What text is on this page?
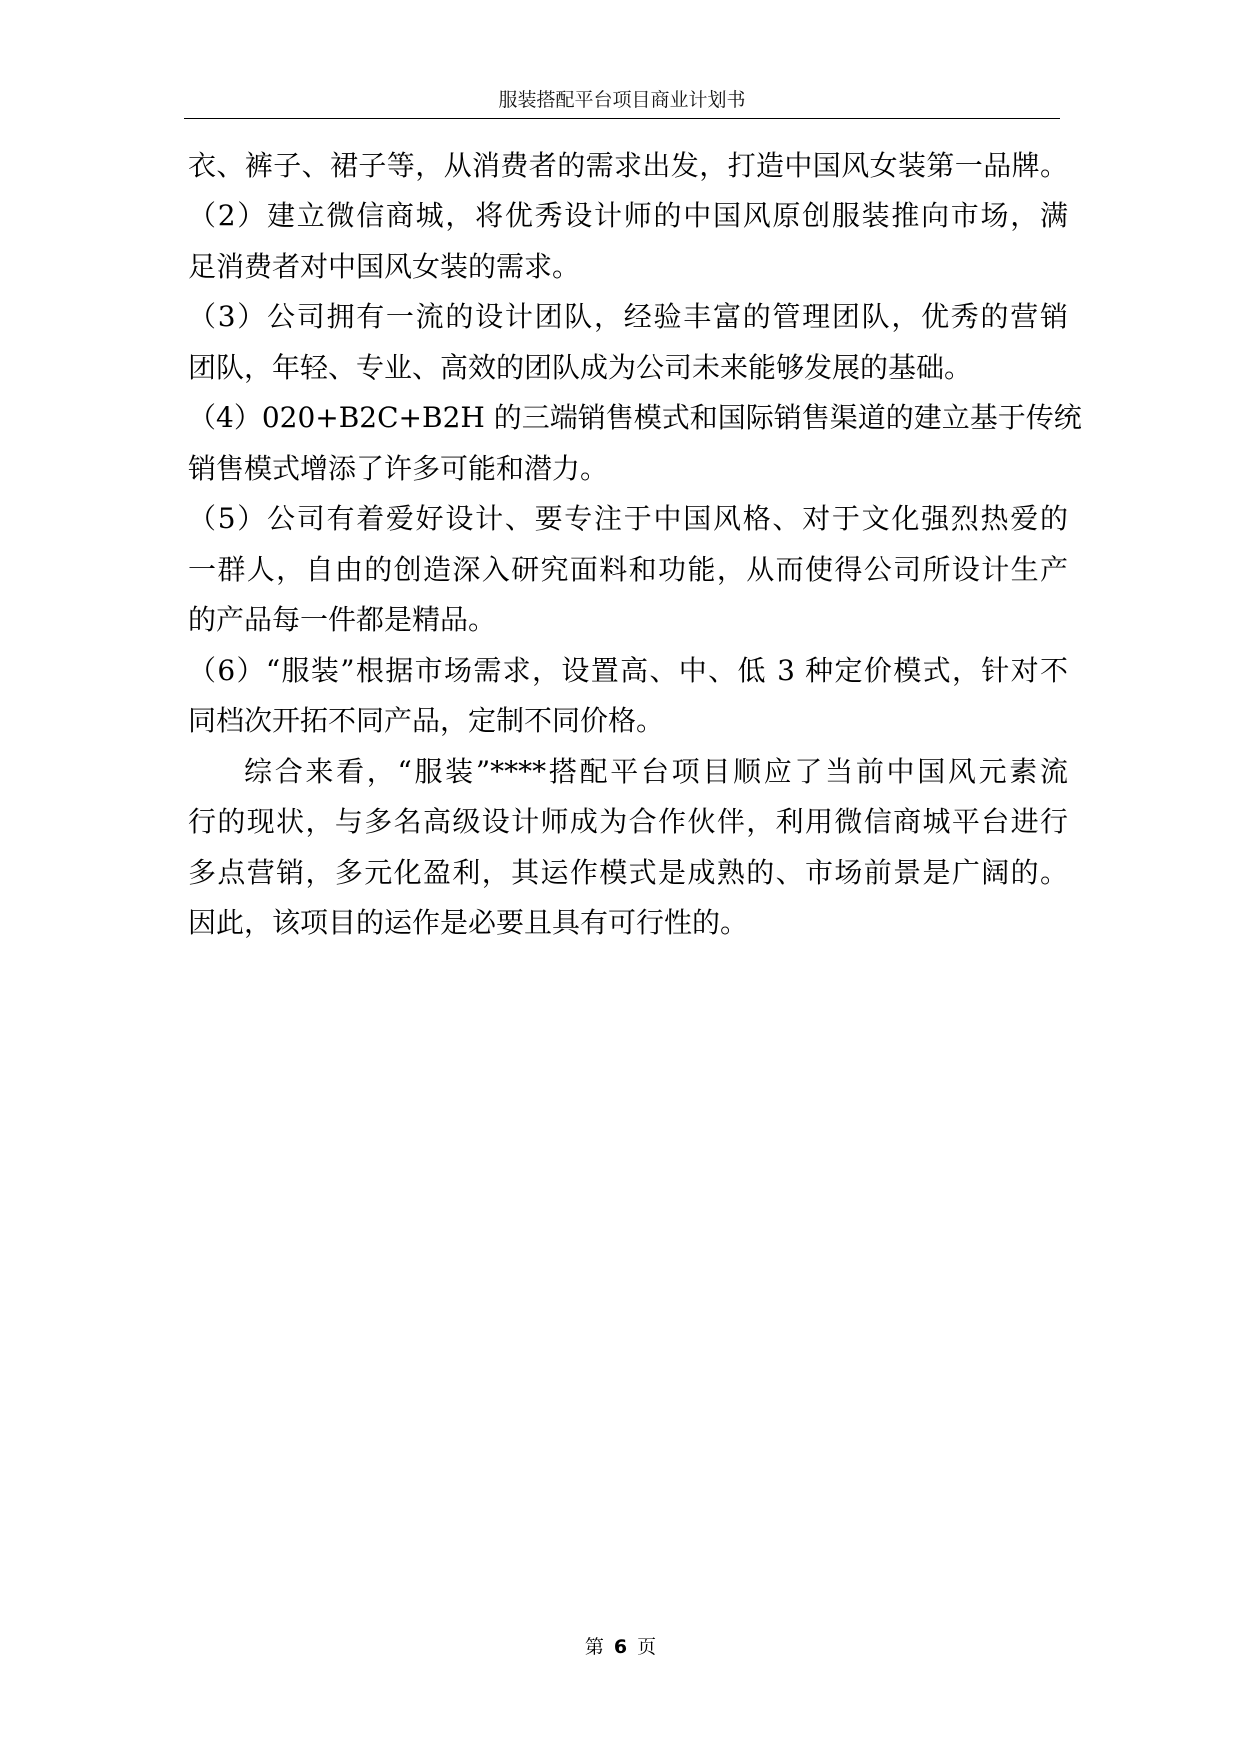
服装搭配平台项目商业计划书
衣、裤子、裙子等，从消费者的需求出发，打造中国风女装第一品牌。
（2）建立微信商城，将优秀设计师的中国风原创服装推向市场，满
足消费者对中国风女装的需求。
（3）公司拥有一流的设计团队，经验丰富的管理团队，优秀的营销
团队，年轻、专业、高效的团队成为公司未来能够发展的基础。
（4）020+B2C+B2H 的三端销售模式和国际销售渠道的建立基于传统
销售模式增添了许多可能和潜力。
（5）公司有着爱好设计、要专注于中国风格、对于文化强烈热爱的
一群人，自由的创造深入研究面料和功能，从而使得公司所设计生产
的产品每一件都是精品。
（6）“服装”根据市场需求，设置高、中、低 3 种定价模式，针对不
同档次开拓不同产品，定制不同价格。
综合来看，“服装”****搭配平台项目顺应了当前中国风元素流
行的现状，与多名高级设计师成为合作伙伴，利用微信商城平台进行
多点营销，多元化盈利，其运作模式是成熟的、市场前景是广阔的。
因此，该项目的运作是必要且具有可行性的。
第 6 页
